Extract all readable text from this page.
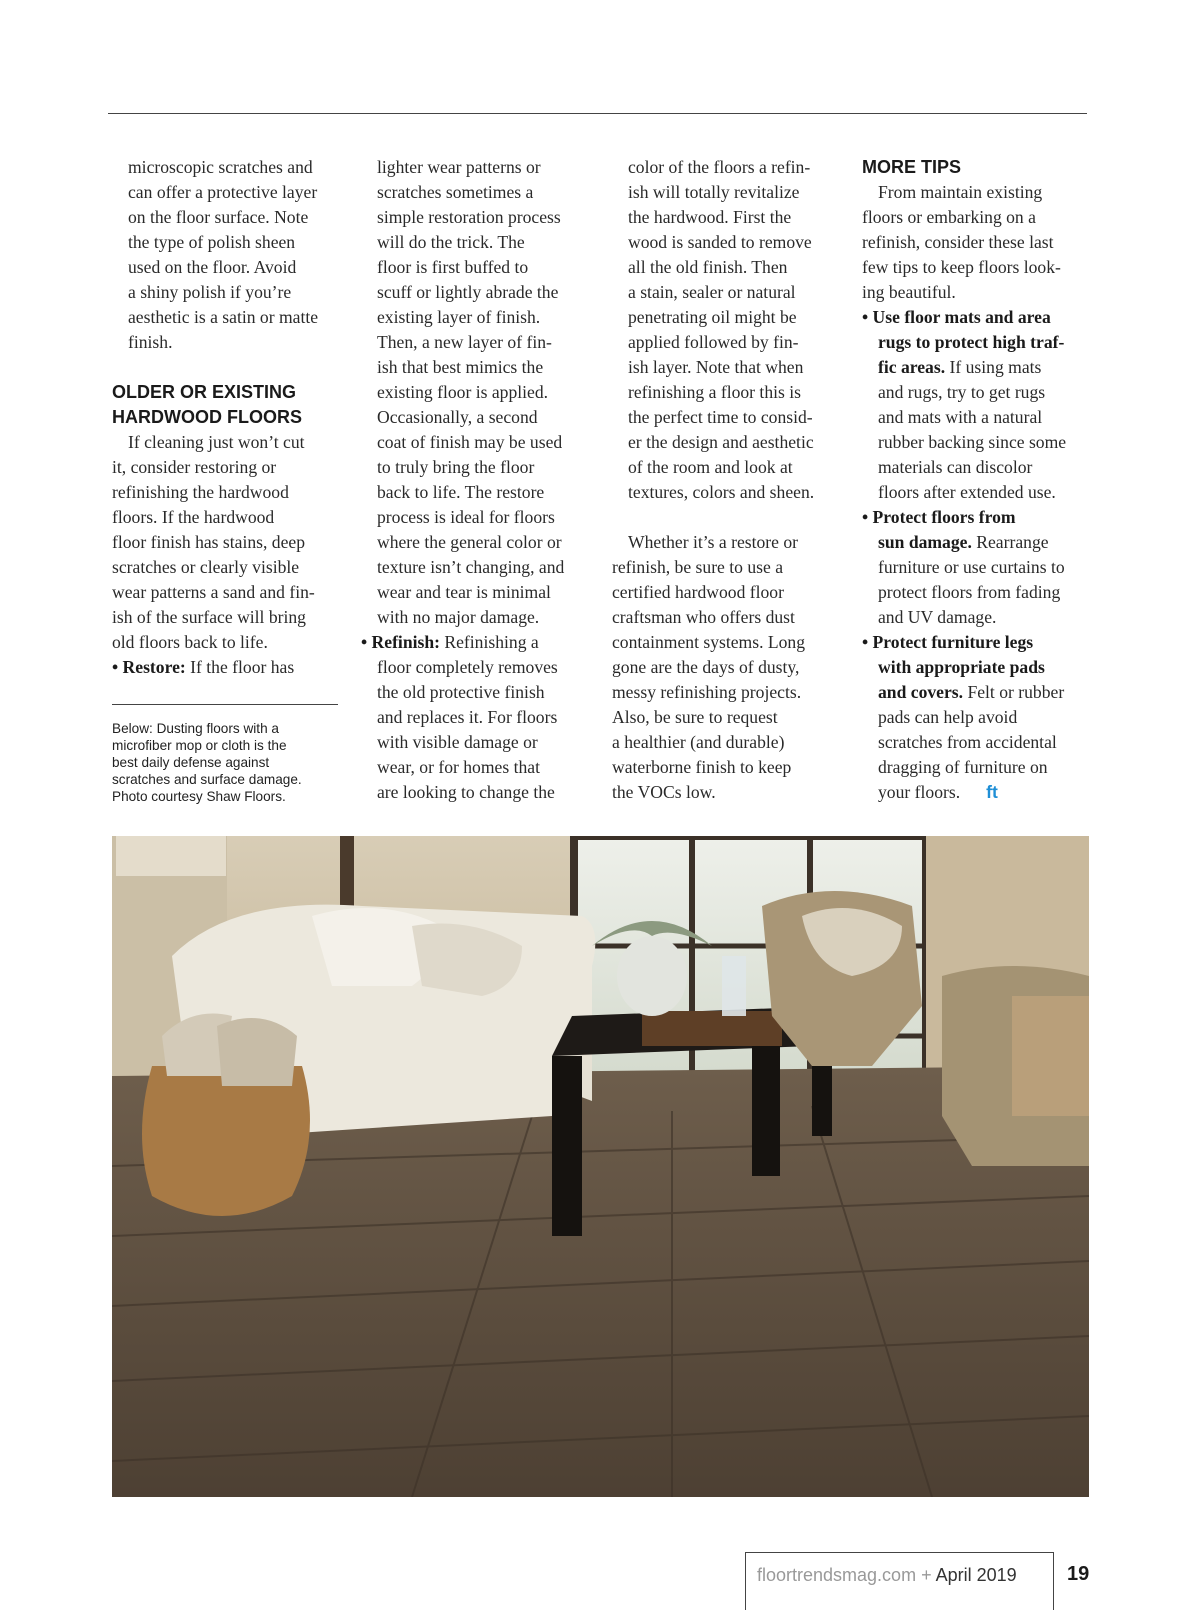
microscopic scratches and

can offer a protective layer

on the floor surface. Note

the type of polish sheen

used on the floor. Avoid

a shiny polish if you’re

aesthetic is a satin or matte

finish.

OLDER OR EXISTING

HARDWOOD FLOORS

If cleaning just won’t cut

it, consider restoring or

refinishing the hardwood

floors. If the hardwood

floor finish has stains, deep

scratches or clearly visible

wear patterns a sand and fin-

ish of the surface will bring

old floors back to life.

• Restore: If the floor has

Below: Dusting floors with a
microfiber mop or cloth is the
best daily defense against
scratches and surface damage.
Photo courtesy Shaw Floors.

lighter wear patterns or

scratches sometimes a

simple restoration process

will do the trick. The

floor is first buffed to

scuff or lightly abrade the

existing layer of finish.

Then, a new layer of fin-

ish that best mimics the

existing floor is applied.

Occasionally, a second

coat of finish may be used

to truly bring the floor

back to life. The restore

process is ideal for floors

where the general color or

texture isn’t changing, and

wear and tear is minimal

with no major damage.

• Refinish: Refinishing a

floor completely removes

the old protective finish

and replaces it. For floors

with visible damage or

wear, or for homes that

are looking to change the

color of the floors a refin-

ish will totally revitalize

the hardwood. First the

wood is sanded to remove

all the old finish. Then

a stain, sealer or natural

penetrating oil might be

applied followed by fin-

ish layer. Note that when

refinishing a floor this is

the perfect time to consid-

er the design and aesthetic

of the room and look at

textures, colors and sheen.

Whether it’s a restore or

refinish, be sure to use a

certified hardwood floor

craftsman who offers dust

containment systems. Long

gone are the days of dusty,

messy refinishing projects.

Also, be sure to request

a healthier (and durable)

waterborne finish to keep

the VOCs low.

MORE TIPS

From maintain existing

floors or embarking on a

refinish, consider these last

few tips to keep floors look-

ing beautiful.

• Use floor mats and area

rugs to protect high traf-

fic areas. If using mats

and rugs, try to get rugs

and mats with a natural

rubber backing since some

materials can discolor

floors after extended use.

• Protect floors from

sun damage. Rearrange

furniture or use curtains to

protect floors from fading

and UV damage.

• Protect furniture legs

with appropriate pads

and covers. Felt or rubber

pads can help avoid

scratches from accidental

dragging of furniture on

your floors. ft

floortrendsmag.com + April 2019	19
